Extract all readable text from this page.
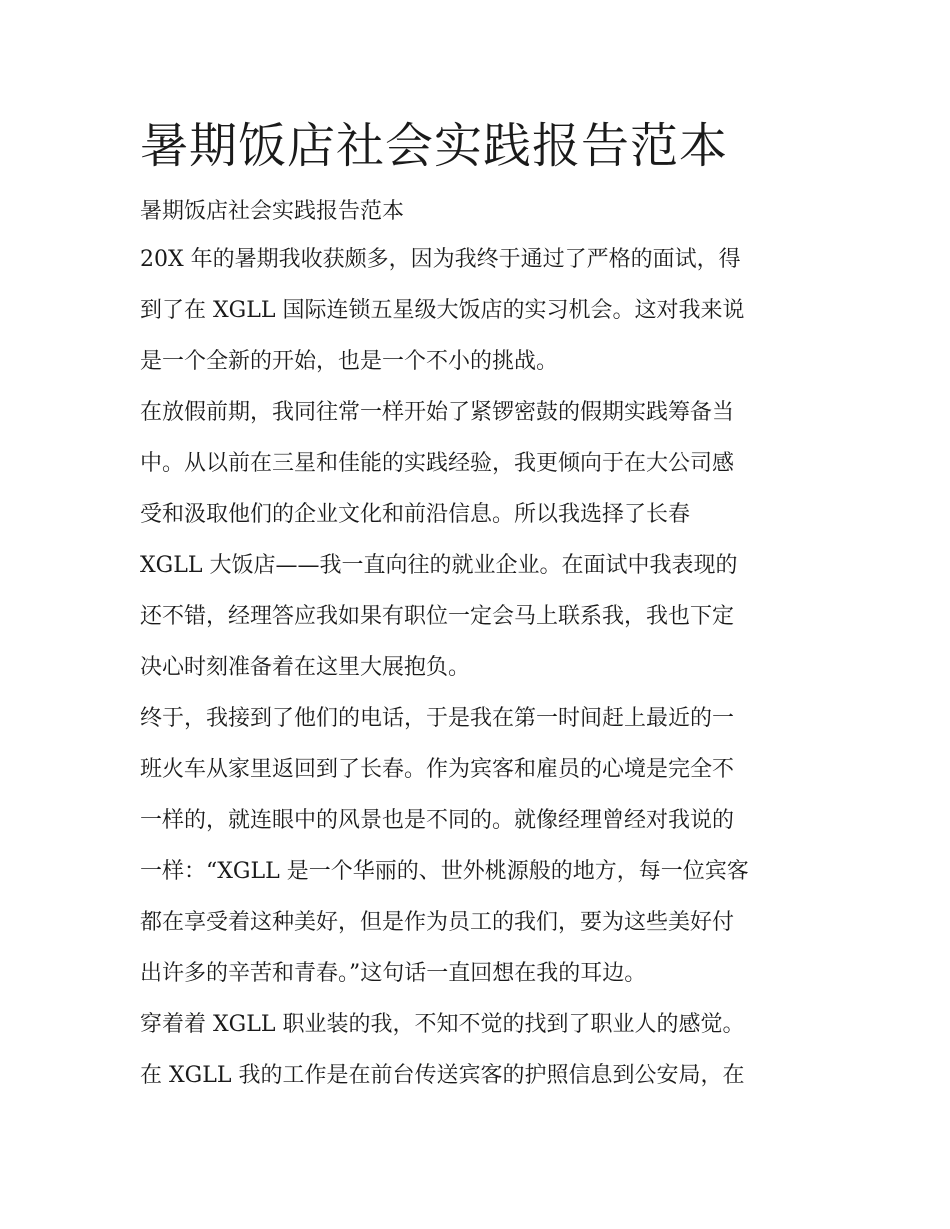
暑期饭店社会实践报告范本

暑期饭店社会实践报告范本

20X 年的暑期我收获颇多，因为我终于通过了严格的面试，得

到了在 XGLL 国际连锁五星级大饭店的实习机会。这对我来说

是一个全新的开始，也是一个不小的挑战。

在放假前期，我同往常一样开始了紧锣密鼓的假期实践筹备当

中。从以前在三星和佳能的实践经验，我更倾向于在大公司感

受和汲取他们的企业文化和前沿信息。所以我选择了长春

XGLL 大饭店——我一直向往的就业企业。在面试中我表现的

还不错，经理答应我如果有职位一定会马上联系我，我也下定

决心时刻准备着在这里大展抱负。

终于，我接到了他们的电话，于是我在第一时间赶上最近的一

班火车从家里返回到了长春。作为宾客和雇员的心境是完全不

一样的，就连眼中的风景也是不同的。就像经理曾经对我说的

一样：“XGLL 是一个华丽的、世外桃源般的地方，每一位宾客

都在享受着这种美好，但是作为员工的我们，要为这些美好付

出许多的辛苦和青春。”这句话一直回想在我的耳边。

穿着着 XGLL 职业装的我，不知不觉的找到了职业人的感觉。

在 XGLL 我的工作是在前台传送宾客的护照信息到公安局，在
